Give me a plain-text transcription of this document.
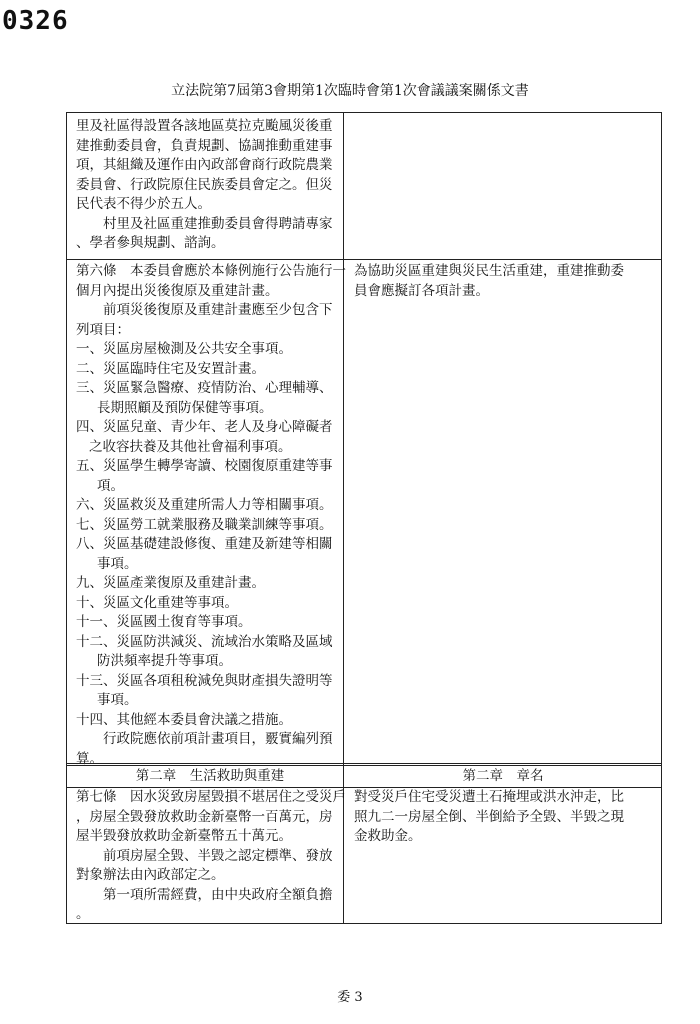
0326
立法院第7屆第3會期第1次臨時會第1次會議議案關係文書
里及社區得設置各該地區莫拉克颱風災後重
建推動委員會，負責規劃、協調推動重建事
項，其組織及運作由內政部會商行政院農業
委員會、行政院原住民族委員會定之。但災
民代表不得少於五人。
村里及社區重建推動委員會得聘請專家
、學者參與規劃、諮詢。
第六條　本委員會應於本條例施行公告施行一
個月內提出災後復原及重建計畫。
前項災後復原及重建計畫應至少包含下
列項目：
一、災區房屋檢測及公共安全事項。
二、災區臨時住宅及安置計畫。
三、災區緊急醫療、疫情防治、心理輔導、
長期照顧及預防保健等事項。
四、災區兒童、青少年、老人及身心障礙者
之收容扶養及其他社會福利事項。
五、災區學生轉學寄讀、校園復原重建等事
項。
六、災區救災及重建所需人力等相關事項。
七、災區勞工就業服務及職業訓練等事項。
八、災區基礎建設修復、重建及新建等相關
事項。
九、災區產業復原及重建計畫。
十、災區文化重建等事項。
十一、災區國土復育等事項。
十二、災區防洪減災、流域治水策略及區域
防洪頻率提升等事項。
十三、災區各項租稅減免與財產損失證明等
事項。
十四、其他經本委員會決議之措施。
行政院應依前項計畫項目，覈實編列預
算。
為協助災區重建與災民生活重建，重建推動委
員會應擬訂各項計畫。
第二章　生活救助與重建	第二章　章名
第七條　因水災致房屋毀損不堪居住之受災戶
，房屋全毀發放救助金新臺幣一百萬元，房
屋半毀發放救助金新臺幣五十萬元。
前項房屋全毀、半毀之認定標準、發放
對象辦法由內政部定之。
第一項所需經費，由中央政府全額負擔
。
對受災戶住宅受災遭土石掩埋或洪水沖走，比
照九二一房屋全倒、半倒給予全毀、半毀之現
金救助金。
委 3
